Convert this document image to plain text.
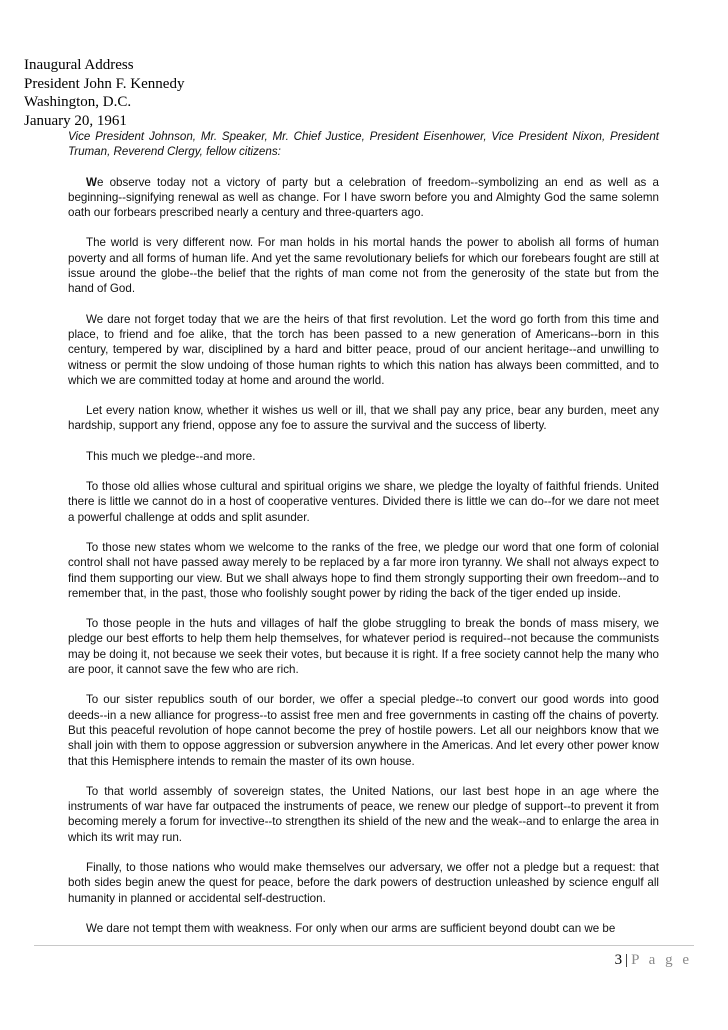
Inaugural Address
President John F. Kennedy
Washington, D.C.
January 20, 1961

Vice President Johnson, Mr. Speaker, Mr. Chief Justice, President Eisenhower, Vice President Nixon, President Truman, Reverend Clergy, fellow citizens:

We observe today not a victory of party but a celebration of freedom--symbolizing an end as well as a beginning--signifying renewal as well as change. For I have sworn before you and Almighty God the same solemn oath our forbears prescribed nearly a century and three-quarters ago.

The world is very different now. For man holds in his mortal hands the power to abolish all forms of human poverty and all forms of human life. And yet the same revolutionary beliefs for which our forebears fought are still at issue around the globe--the belief that the rights of man come not from the generosity of the state but from the hand of God.

We dare not forget today that we are the heirs of that first revolution. Let the word go forth from this time and place, to friend and foe alike, that the torch has been passed to a new generation of Americans--born in this century, tempered by war, disciplined by a hard and bitter peace, proud of our ancient heritage--and unwilling to witness or permit the slow undoing of those human rights to which this nation has always been committed, and to which we are committed today at home and around the world.

Let every nation know, whether it wishes us well or ill, that we shall pay any price, bear any burden, meet any hardship, support any friend, oppose any foe to assure the survival and the success of liberty.

This much we pledge--and more.

To those old allies whose cultural and spiritual origins we share, we pledge the loyalty of faithful friends. United there is little we cannot do in a host of cooperative ventures. Divided there is little we can do--for we dare not meet a powerful challenge at odds and split asunder.

To those new states whom we welcome to the ranks of the free, we pledge our word that one form of colonial control shall not have passed away merely to be replaced by a far more iron tyranny. We shall not always expect to find them supporting our view. But we shall always hope to find them strongly supporting their own freedom--and to remember that, in the past, those who foolishly sought power by riding the back of the tiger ended up inside.

To those people in the huts and villages of half the globe struggling to break the bonds of mass misery, we pledge our best efforts to help them help themselves, for whatever period is required--not because the communists may be doing it, not because we seek their votes, but because it is right. If a free society cannot help the many who are poor, it cannot save the few who are rich.

To our sister republics south of our border, we offer a special pledge--to convert our good words into good deeds--in a new alliance for progress--to assist free men and free governments in casting off the chains of poverty. But this peaceful revolution of hope cannot become the prey of hostile powers. Let all our neighbors know that we shall join with them to oppose aggression or subversion anywhere in the Americas. And let every other power know that this Hemisphere intends to remain the master of its own house.

To that world assembly of sovereign states, the United Nations, our last best hope in an age where the instruments of war have far outpaced the instruments of peace, we renew our pledge of support--to prevent it from becoming merely a forum for invective--to strengthen its shield of the new and the weak--and to enlarge the area in which its writ may run.

Finally, to those nations who would make themselves our adversary, we offer not a pledge but a request: that both sides begin anew the quest for peace, before the dark powers of destruction unleashed by science engulf all humanity in planned or accidental self-destruction.

We dare not tempt them with weakness. For only when our arms are sufficient beyond doubt can we be

3 | P a g e
